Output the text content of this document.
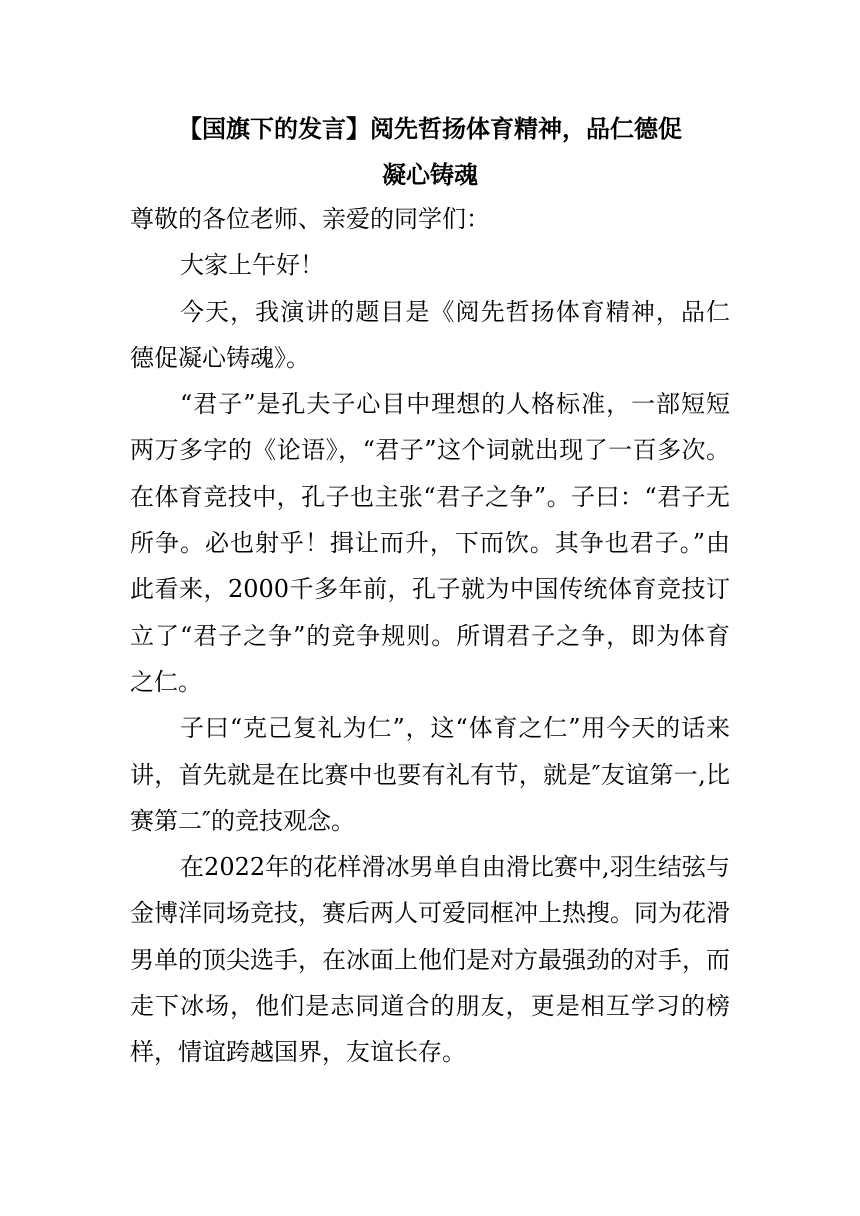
【国旗下的发言】阅先哲扬体育精神，品仁德促
凝心铸魂

尊敬的各位老师、亲爱的同学们：

大家上午好！

今天，我演讲的题目是《阅先哲扬体育精神，品仁德促凝心铸魂》。

“君子”是孔夫子心目中理想的人格标准，一部短短两万多字的《论语》，“君子”这个词就出现了一百多次。在体育竞技中，孔子也主张“君子之争”。子曰：“君子无所争。必也射乎！揖让而升，下而饮。其争也君子。”由此看来，2000千多年前，孔子就为中国传统体育竞技订立了“君子之争”的竞争规则。所谓君子之争，即为体育之仁。

子曰“克己复礼为仁”，这“体育之仁”用今天的话来讲，首先就是在比赛中也要有礼有节，就是″友谊第一,比赛第二″的竞技观念。

在2022年的花样滑冰男单自由滑比赛中,羽生结弦与金博洋同场竞技，赛后两人可爱同框冲上热搜。同为花滑男单的顶尖选手，在冰面上他们是对方最强劲的对手，而走下冰场，他们是志同道合的朋友，更是相互学习的榜样，情谊跨越国界，友谊长存。
